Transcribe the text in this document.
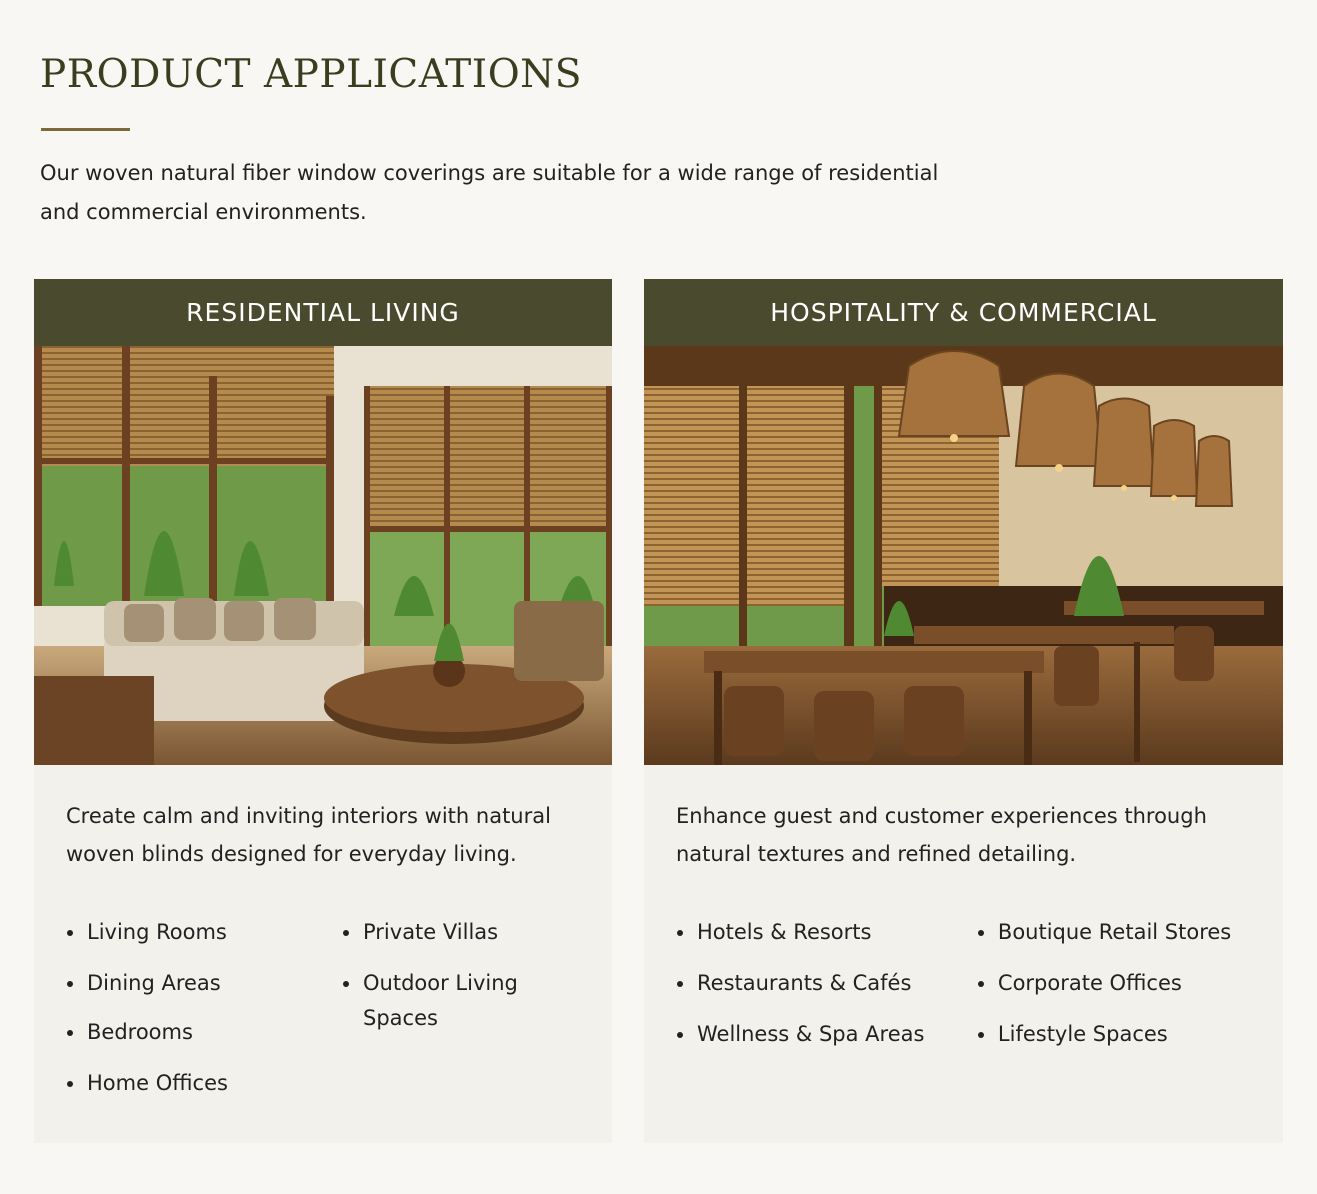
PRODUCT APPLICATIONS

Our woven natural fiber window coverings are suitable for a wide range of residential and commercial environments.

RESIDENTIAL LIVING

Create calm and inviting interiors with natural woven blinds designed for everyday living.

Living Rooms
Dining Areas
Bedrooms
Home Offices
Private Villas
Outdoor Living Spaces
HOSPITALITY & COMMERCIAL

Enhance guest and customer experiences through natural textures and refined detailing.

Hotels & Resorts
Restaurants & Cafés
Wellness & Spa Areas
Boutique Retail Stores
Corporate Offices
Lifestyle Spaces
